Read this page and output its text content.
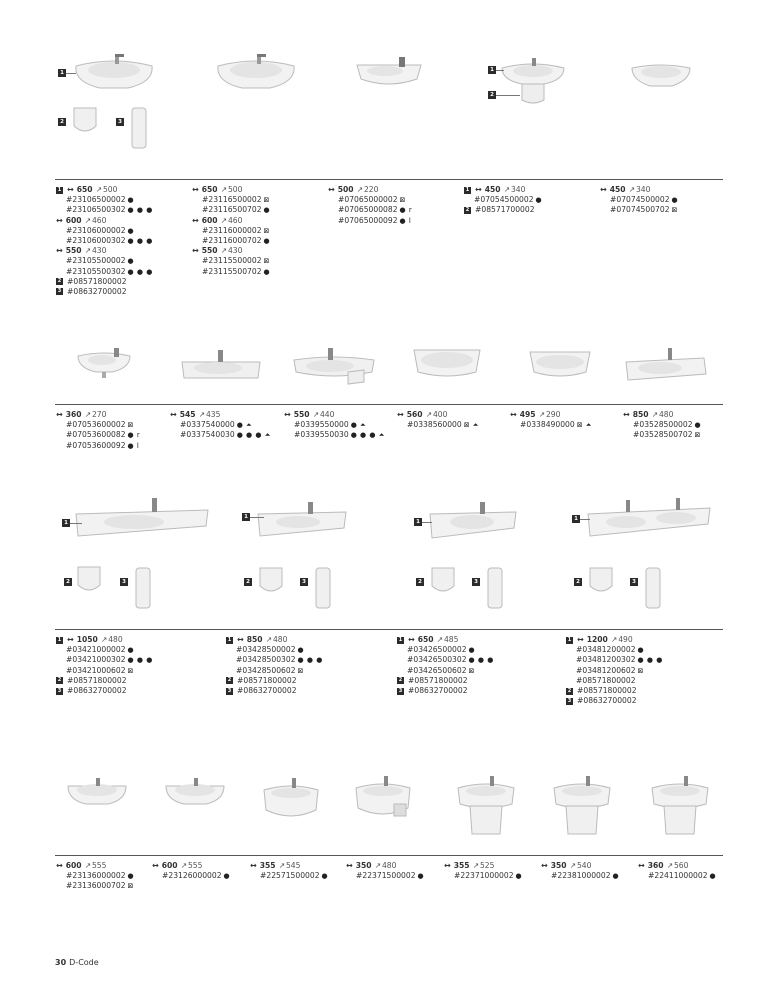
1
2	3
1
2
1 ↔ 650 ↗ 500
# 23106500002 ●
# 23106500302 ● ● ●
↔ 600 ↗ 460
# 23106000002 ●
# 23106000302 ● ● ●
↔ 550 ↗ 430
# 23105500002 ●
# 23105500302 ● ● ●
2 # 08571800002
3 # 08632700002
↔ 650 ↗ 500
# 23116500002 ⊠
# 23116500702 ●
↔ 600 ↗ 460
# 23116000002 ⊠
# 23116000702 ●
↔ 550 ↗ 430
# 23115500002 ⊠
# 23115500702 ●
↔ 500 ↗ 220
# 07065000002 ⊠
# 07065000082 ● r
# 07065000092 ● l
1 ↔ 450 ↗ 340
# 07054500002 ●
2 # 08571700002
↔ 450 ↗ 340
# 07074500002 ●
# 07074500702 ⊠
↔ 360 ↗ 270
# 07053600002 ⊠
# 07053600082 ● r
# 07053600092 ● l
↔ 545 ↗ 435
# 0337540000 ● ⏶
# 0337540030 ● ● ● ⏶
↔ 550 ↗ 440
# 0339550000 ● ⏶
# 0339550030 ● ● ● ⏶
↔ 560 ↗ 400
# 0338560000 ⊠ ⏶
↔ 495 ↗ 290
# 0338490000 ⊠ ⏶
↔ 850 ↗ 480
# 03528500002 ●
# 03528500702 ⊠
1
2	3
1
2	3
1
2	3
1
2	3
1 ↔ 1050 ↗ 480
# 03421000002 ●
# 03421000302 ● ● ●
# 03421000602 ⊠
2 # 08571800002
3 # 08632700002
1 ↔ 850 ↗ 480
# 03428500002 ●
# 03428500302 ● ● ●
# 03428500602 ⊠
2 # 08571800002
3 # 08632700002
1 ↔ 650 ↗ 485
# 03426500002 ●
# 03426500302 ● ● ●
# 03426500602 ⊠
2 # 08571800002
3 # 08632700002
1 ↔ 1200 ↗ 490
# 03481200002 ●
# 03481200302 ● ● ●
# 03481200602 ⊠
# 08571800002
2 # 08571800002
3 # 08632700002
↔ 600 ↗ 555
# 23136000002 ●
# 23136000702 ⊠
↔ 600 ↗ 555
# 23126000002 ●
↔ 355 ↗ 545
# 22571500002 ●
↔ 350 ↗ 480
# 22371500002 ●
↔ 355 ↗ 525
# 22371000002 ●
↔ 350 ↗ 540
# 22381000002 ●
↔ 360 ↗ 560
# 22411000002 ●
30 D-Code
